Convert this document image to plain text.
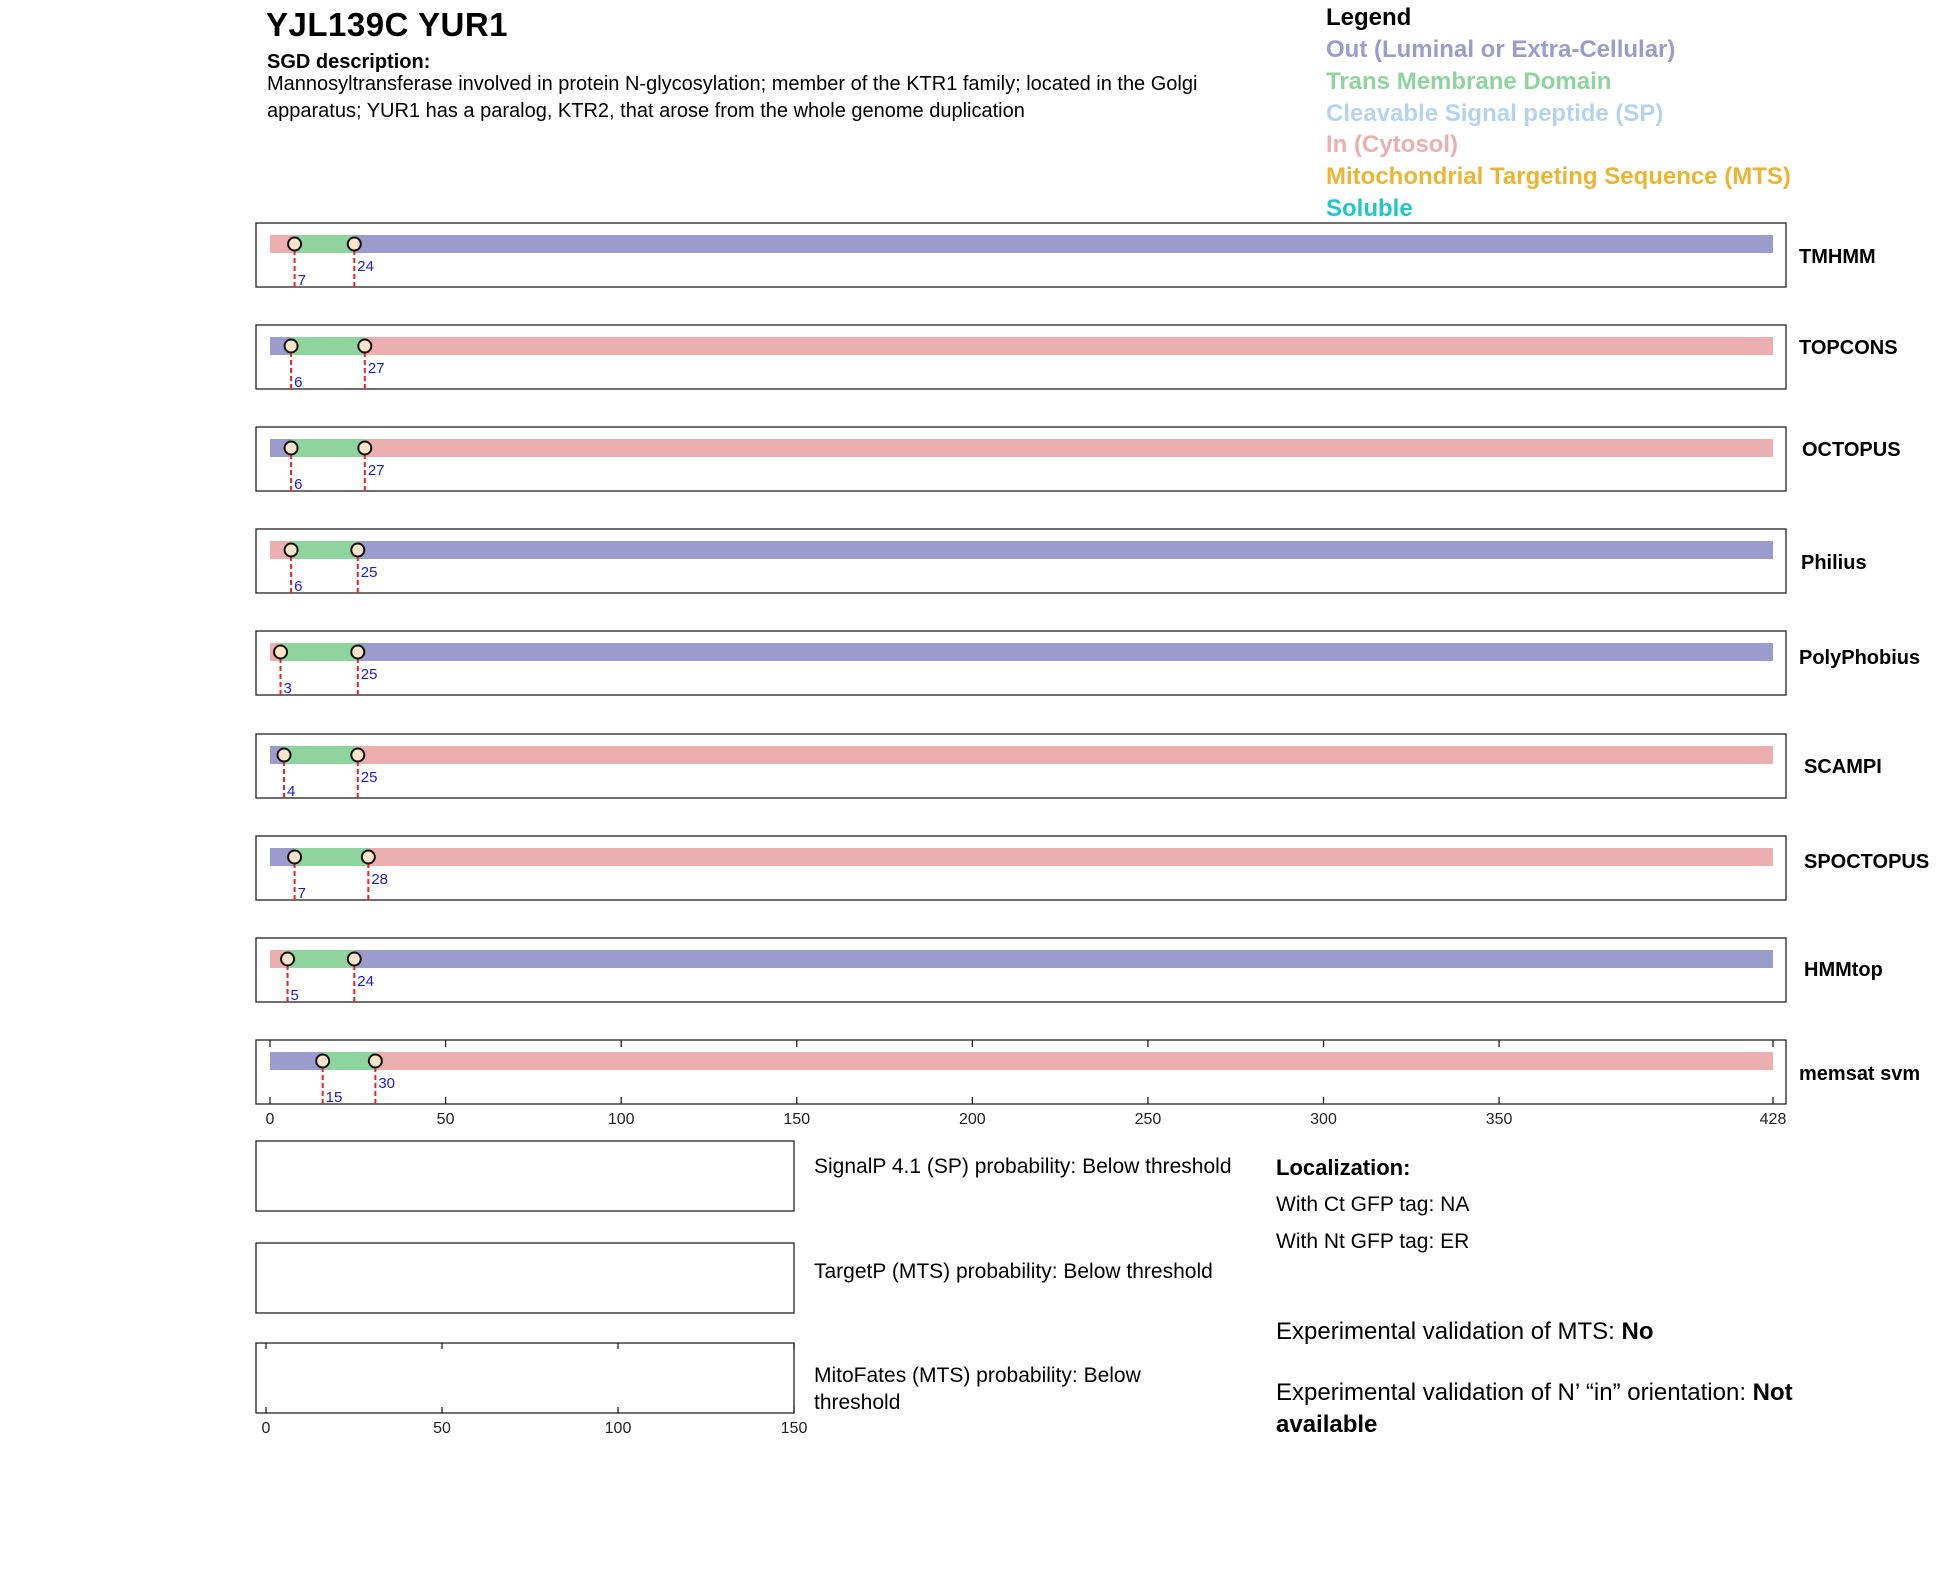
YJL139C YUR1
SGD description:
Mannosyltransferase involved in protein N-glycosylation; member of the KTR1 family; located in the Golgi apparatus; YUR1 has a paralog, KTR2, that arose from the whole genome duplication
Legend
Out (Luminal or Extra-Cellular)
Trans Membrane Domain
Cleavable Signal peptide (SP)
In (Cytosol)
Mitochondrial Targeting Sequence (MTS)
Soluble
7
24	TMHMM
6
27
TOPCONS
6
27
OCTOPUS
6
25	Philius
3
25
PolyPhobius
4
25	SCAMPI
7
28
SPOCTOPUS
5
24
HMMtop
15
30	memsat svm
0	50	100	150	200	250	300	350	428
0	50	100	150
SignalP 4.1 (SP) probability: Below threshold
TargetP (MTS) probability: Below threshold
MitoFates (MTS) probability: Below threshold
Localization:
With Ct GFP tag: NA
With Nt GFP tag: ER
Experimental validation of MTS: No
Experimental validation of N’ “in” orientation: Not available
